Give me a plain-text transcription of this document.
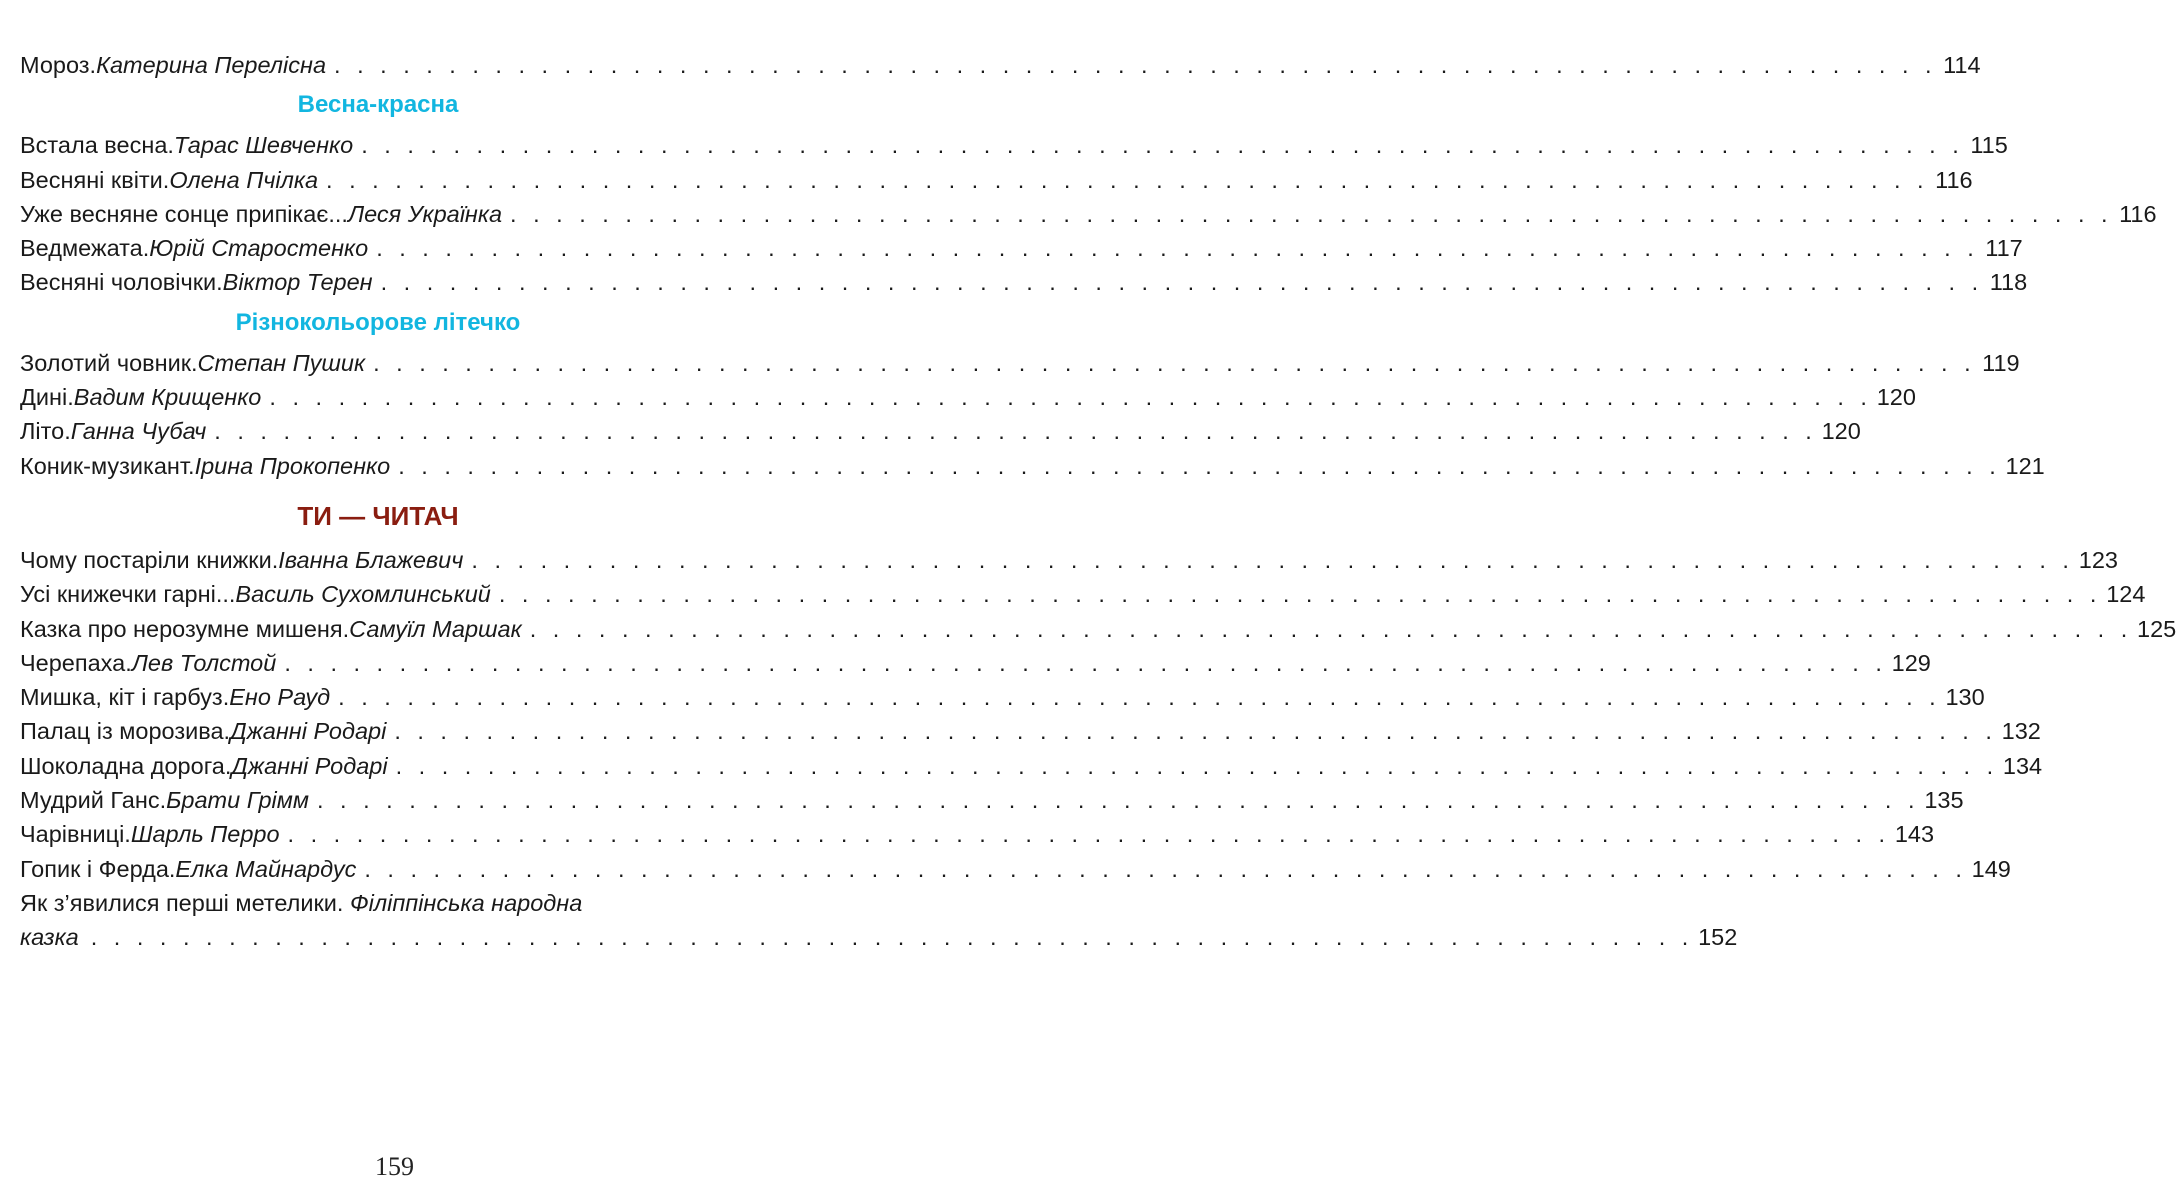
Мороз. Катерина Перелісна . . . . . . . . . . . . . . . . . . . . . . . . . . . . . . . . . . . . . . . . . . . . . . . . . . . . . . . . . . . . . . . . . . . . . . 114
Весна-красна
Встала весна. Тарас Шевченко . . . . . . . . . . . . . . . . . . . . . . . . . . . . . . . . . . . . . . . . . . . . . . . . . . . . . . . . . . . . . . . . . . . . . . 115
Весняні квіти. Олена Пчілка . . . . . . . . . . . . . . . . . . . . . . . . . . . . . . . . . . . . . . . . . . . . . . . . . . . . . . . . . . . . . . . . . . . . . . 116
Уже весняне сонце припікає... Леся Українка . . . . . . . . . . . . . . . . . . . . . . . . . . . . . . . . . . . . . . . . . . . . . . . . . . . . . . . . . . . . . . . . . . . . . . 116
Ведмежата. Юрій Старостенко . . . . . . . . . . . . . . . . . . . . . . . . . . . . . . . . . . . . . . . . . . . . . . . . . . . . . . . . . . . . . . . . . . . . . . 117
Весняні чоловічки. Віктор Терен . . . . . . . . . . . . . . . . . . . . . . . . . . . . . . . . . . . . . . . . . . . . . . . . . . . . . . . . . . . . . . . . . . . . . . 118
Різнокольорове літечко
Золотий човник. Степан Пушик . . . . . . . . . . . . . . . . . . . . . . . . . . . . . . . . . . . . . . . . . . . . . . . . . . . . . . . . . . . . . . . . . . . . . . 119
Дині. Вадим Крищенко . . . . . . . . . . . . . . . . . . . . . . . . . . . . . . . . . . . . . . . . . . . . . . . . . . . . . . . . . . . . . . . . . . . . . . 120
Літо. Ганна Чубач . . . . . . . . . . . . . . . . . . . . . . . . . . . . . . . . . . . . . . . . . . . . . . . . . . . . . . . . . . . . . . . . . . . . . . 120
Коник-музикант. Ірина Прокопенко . . . . . . . . . . . . . . . . . . . . . . . . . . . . . . . . . . . . . . . . . . . . . . . . . . . . . . . . . . . . . . . . . . . . . . 121
ТИ — ЧИТАЧ
Чому постаріли книжки. Іванна Блажевич . . . . . . . . . . . . . . . . . . . . . . . . . . . . . . . . . . . . . . . . . . . . . . . . . . . . . . . . . . . . . . . . . . . . . . 123
Усі книжечки гарні... Василь Сухомлинський . . . . . . . . . . . . . . . . . . . . . . . . . . . . . . . . . . . . . . . . . . . . . . . . . . . . . . . . . . . . . . . . . . . . . . 124
Казка про нерозумне мишеня. Самуїл Маршак . . . . . . . . . . . . . . . . . . . . . . . . . . . . . . . . . . . . . . . . . . . . . . . . . . . . . . . . . . . . . . . . . . . . . . 125
Черепаха. Лев Толстой . . . . . . . . . . . . . . . . . . . . . . . . . . . . . . . . . . . . . . . . . . . . . . . . . . . . . . . . . . . . . . . . . . . . . . 129
Мишка, кіт і гарбуз. Ено Рауд . . . . . . . . . . . . . . . . . . . . . . . . . . . . . . . . . . . . . . . . . . . . . . . . . . . . . . . . . . . . . . . . . . . . . . 130
Палац із морозива. Джанні Родарі . . . . . . . . . . . . . . . . . . . . . . . . . . . . . . . . . . . . . . . . . . . . . . . . . . . . . . . . . . . . . . . . . . . . . . 132
Шоколадна дорога. Джанні Родарі . . . . . . . . . . . . . . . . . . . . . . . . . . . . . . . . . . . . . . . . . . . . . . . . . . . . . . . . . . . . . . . . . . . . . . 134
Мудрий Ганс. Брати Грімм . . . . . . . . . . . . . . . . . . . . . . . . . . . . . . . . . . . . . . . . . . . . . . . . . . . . . . . . . . . . . . . . . . . . . . 135
Чарівниці. Шарль Перро . . . . . . . . . . . . . . . . . . . . . . . . . . . . . . . . . . . . . . . . . . . . . . . . . . . . . . . . . . . . . . . . . . . . . . 143
Гопик і Ферда. Елка Майнардус . . . . . . . . . . . . . . . . . . . . . . . . . . . . . . . . . . . . . . . . . . . . . . . . . . . . . . . . . . . . . . . . . . . . . . 149
Як з’явилися перші метелики. Філіппінська народна
казка . . . . . . . . . . . . . . . . . . . . . . . . . . . . . . . . . . . . . . . . . . . . . . . . . . . . . . . . . . . . . . . . . . . . . . 152
159
